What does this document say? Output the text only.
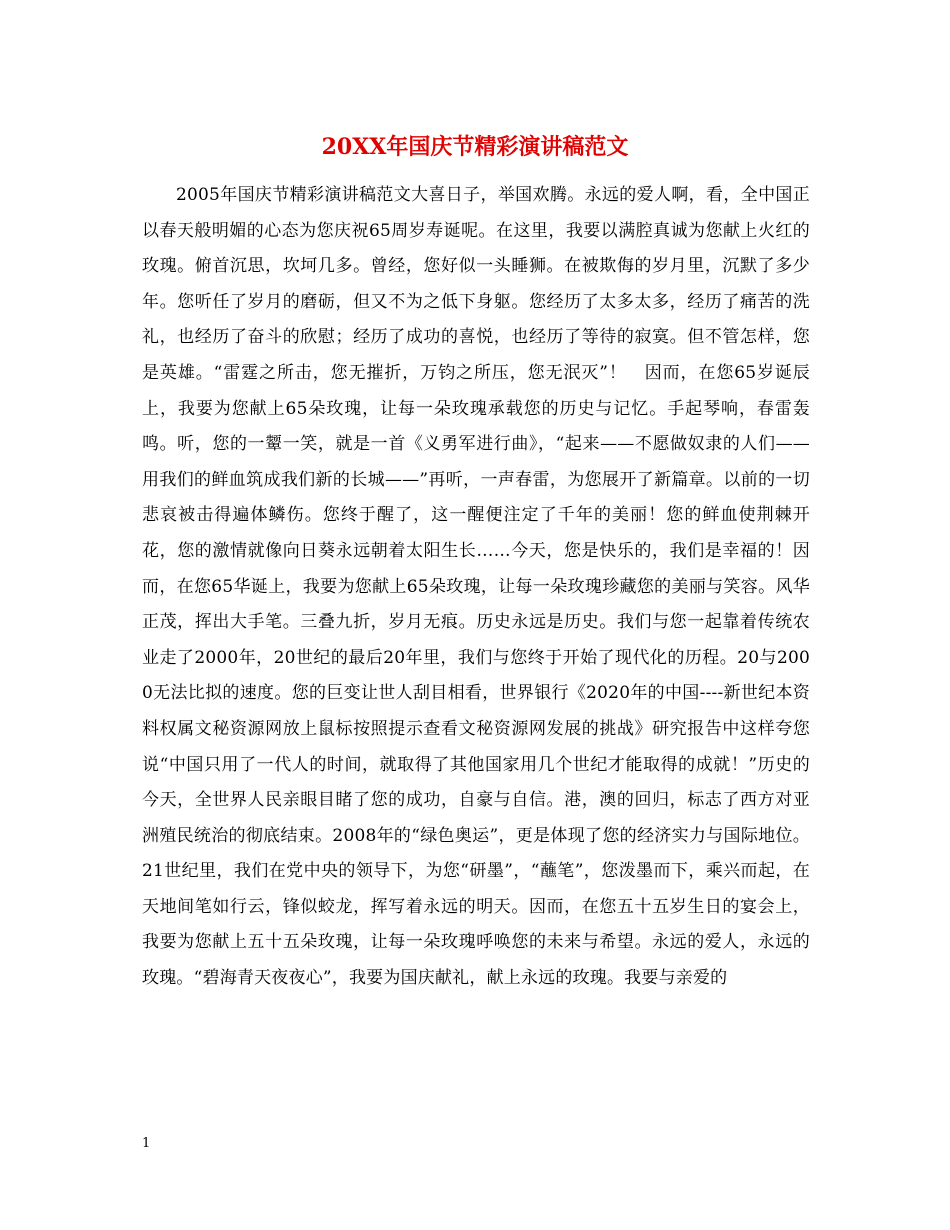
20XX年国庆节精彩演讲稿范文

2005年国庆节精彩演讲稿范文大喜日子，举国欢腾。永远的爱人啊，看，全中国正以春天般明媚的心态为您庆祝65周岁寿诞呢。在这里，我要以满腔真诚为您献上火红的玫瑰。俯首沉思，坎坷几多。曾经，您好似一头睡狮。在被欺侮的岁月里，沉默了多少年。您听任了岁月的磨砺，但又不为之低下身躯。您经历了太多太多，经历了痛苦的洗礼，也经历了奋斗的欣慰；经历了成功的喜悦，也经历了等待的寂寞。但不管怎样，您是英雄。“雷霆之所击，您无摧折，万钧之所压，您无泯灭”！　因而，在您65岁诞辰上，我要为您献上65朵玫瑰，让每一朵玫瑰承载您的历史与记忆。手起琴响，春雷轰鸣。听，您的一颦一笑，就是一首《义勇军进行曲》，“起来——不愿做奴隶的人们——用我们的鲜血筑成我们新的长城——”再听，一声春雷，为您展开了新篇章。以前的一切悲哀被击得遍体鳞伤。您终于醒了，这一醒便注定了千年的美丽！您的鲜血使荆棘开花，您的激情就像向日葵永远朝着太阳生长……今天，您是快乐的，我们是幸福的！因而，在您65华诞上，我要为您献上65朵玫瑰，让每一朵玫瑰珍藏您的美丽与笑容。风华正茂，挥出大手笔。三叠九折，岁月无痕。历史永远是历史。我们与您一起靠着传统农业走了2000年，20世纪的最后20年里，我们与您终于开始了现代化的历程。20与2000无法比拟的速度。您的巨变让世人刮目相看，世界银行《2020年的中国----新世纪本资料权属文秘资源网放上鼠标按照提示查看文秘资源网发展的挑战》研究报告中这样夸您说“中国只用了一代人的时间，就取得了其他国家用几个世纪才能取得的成就！”历史的今天，全世界人民亲眼目睹了您的成功，自豪与自信。港，澳的回归，标志了西方对亚洲殖民统治的彻底结束。2008年的“绿色奥运”，更是体现了您的经济实力与国际地位。21世纪里，我们在党中央的领导下，为您“研墨”，“蘸笔”，您泼墨而下，乘兴而起，在天地间笔如行云，锋似蛟龙，挥写着永远的明天。因而，在您五十五岁生日的宴会上，我要为您献上五十五朵玫瑰，让每一朵玫瑰呼唤您的未来与希望。永远的爱人，永远的玫瑰。“碧海青天夜夜心”，我要为国庆献礼，献上永远的玫瑰。我要与亲爱的

1
